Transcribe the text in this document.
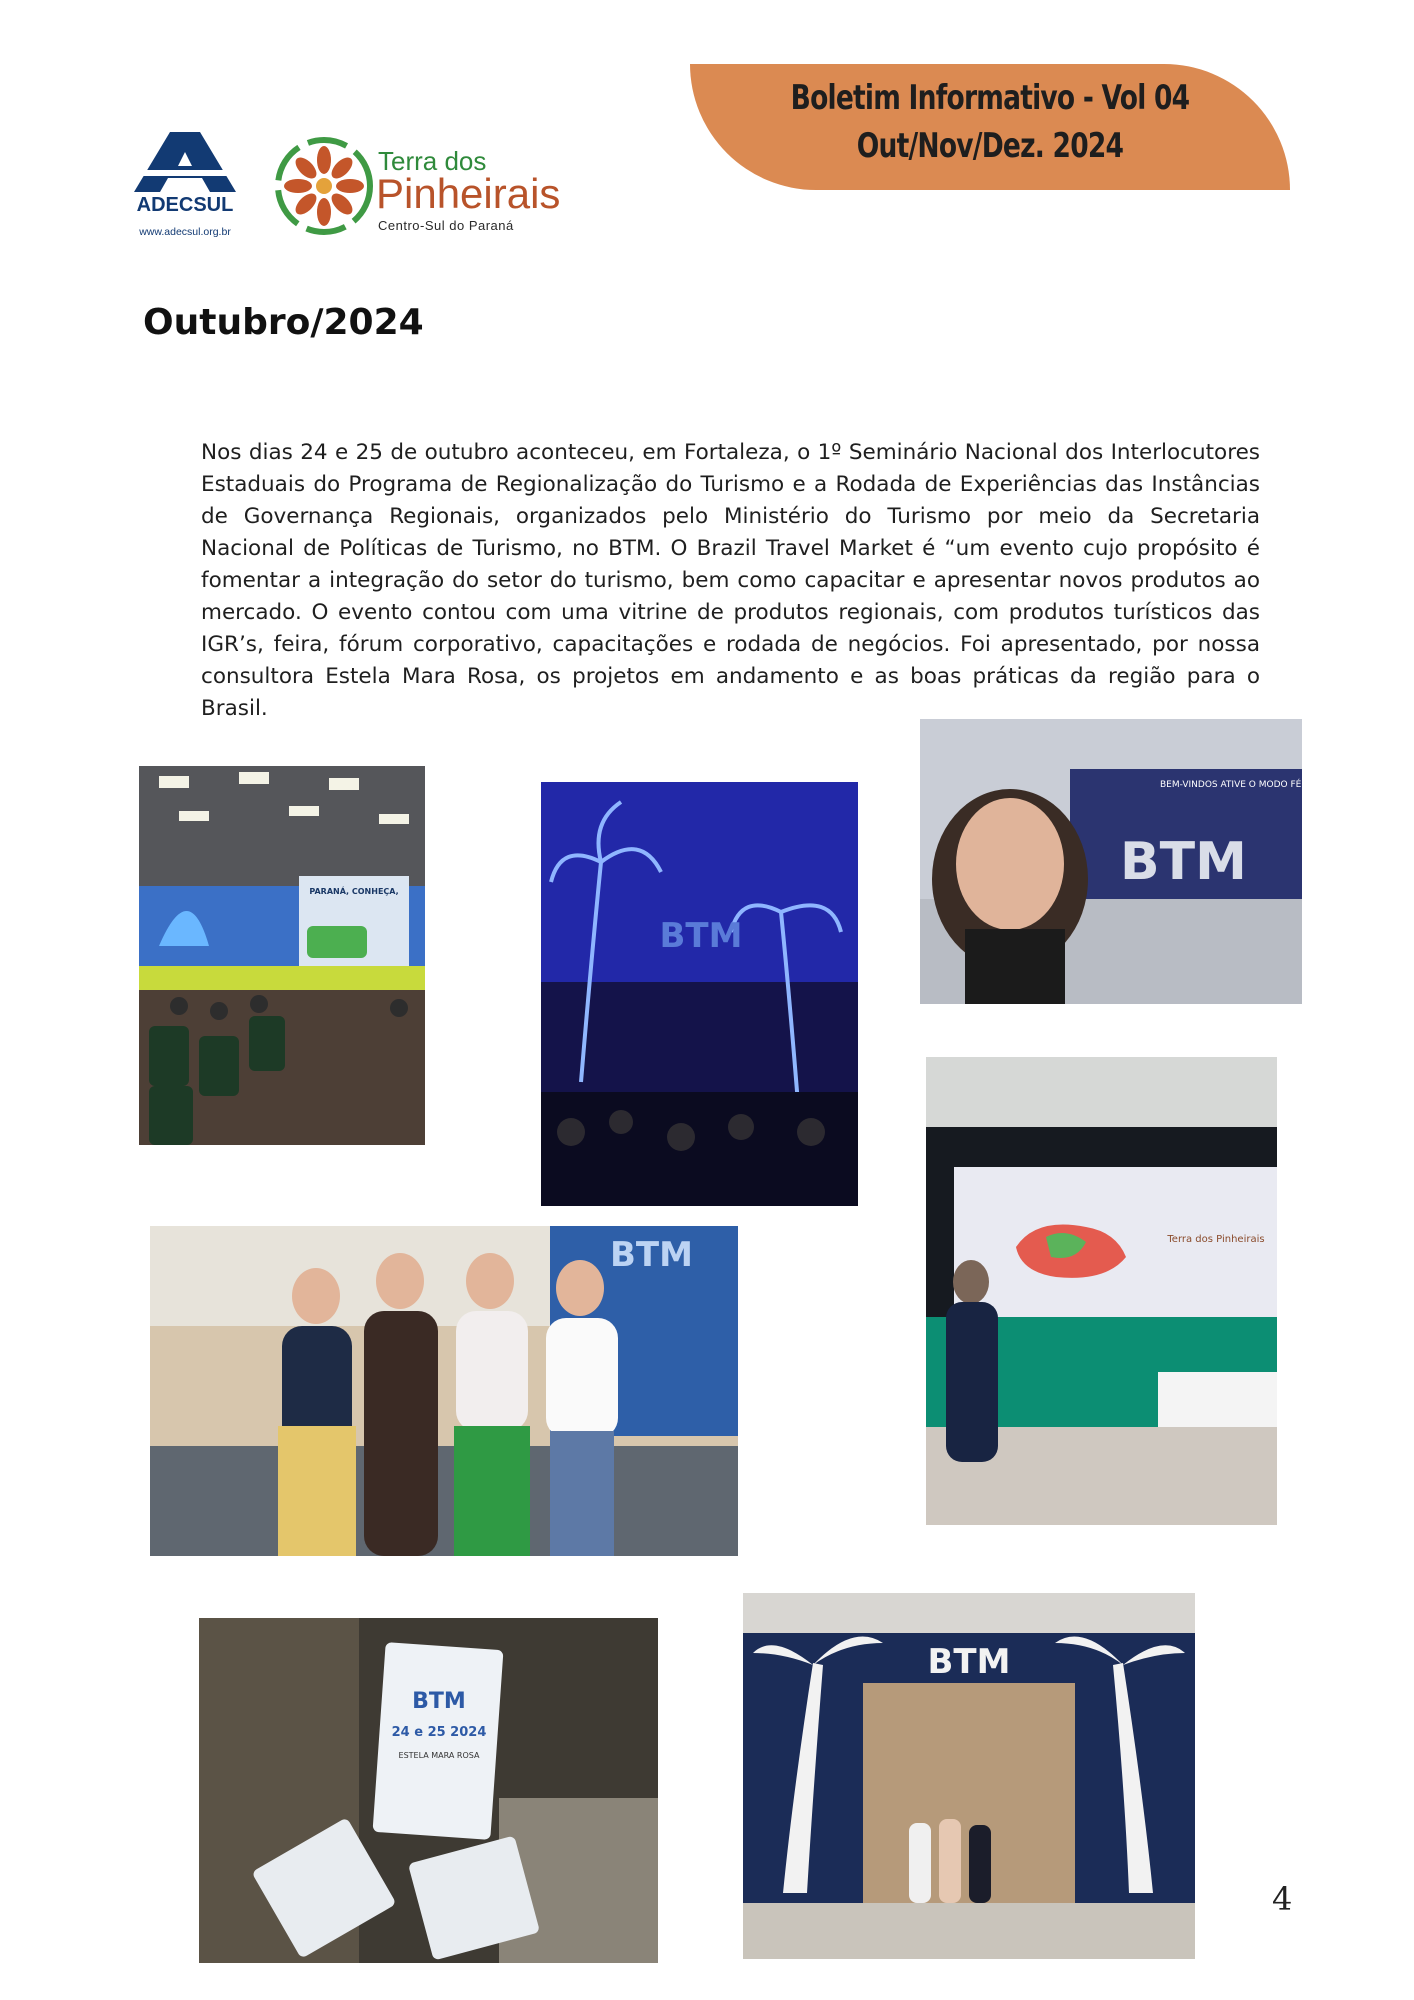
Boletim Informativo - Vol 04
Out/Nov/Dez. 2024
ADECSUL
www.adecsul.org.br
Terra dos
Pinheirais
Centro-Sul do Paraná
Outubro/2024
Nos dias 24 e 25 de outubro aconteceu, em Fortaleza, o 1º Seminário Nacional dos Interlocutores Estaduais do Programa de Regionalização do Turismo e a Rodada de Experiências das Instâncias de Governança Regionais, organizados pelo Ministério do Turismo por meio da Secretaria Nacional de Políticas de Turismo, no BTM. O Brazil Travel Market é “um evento cujo propósito é fomentar a integração do setor do turismo, bem como capacitar e apresentar novos produtos ao mercado. O evento contou com uma vitrine de produtos regionais, com produtos turísticos das IGR’s, feira, fórum corporativo, capacitações e rodada de negócios. Foi apresentado, por nossa consultora Estela Mara Rosa, os projetos em andamento e as boas práticas da região para o Brasil.
PARANÁ, CONHEÇA,
BTM
BEM-VINDOS ATIVE O MODO FÉRIAS AZUL
BTM
Terra dos Pinheirais
BTM
BTM
24 e 25 2024
ESTELA MARA ROSA
BTM
4
